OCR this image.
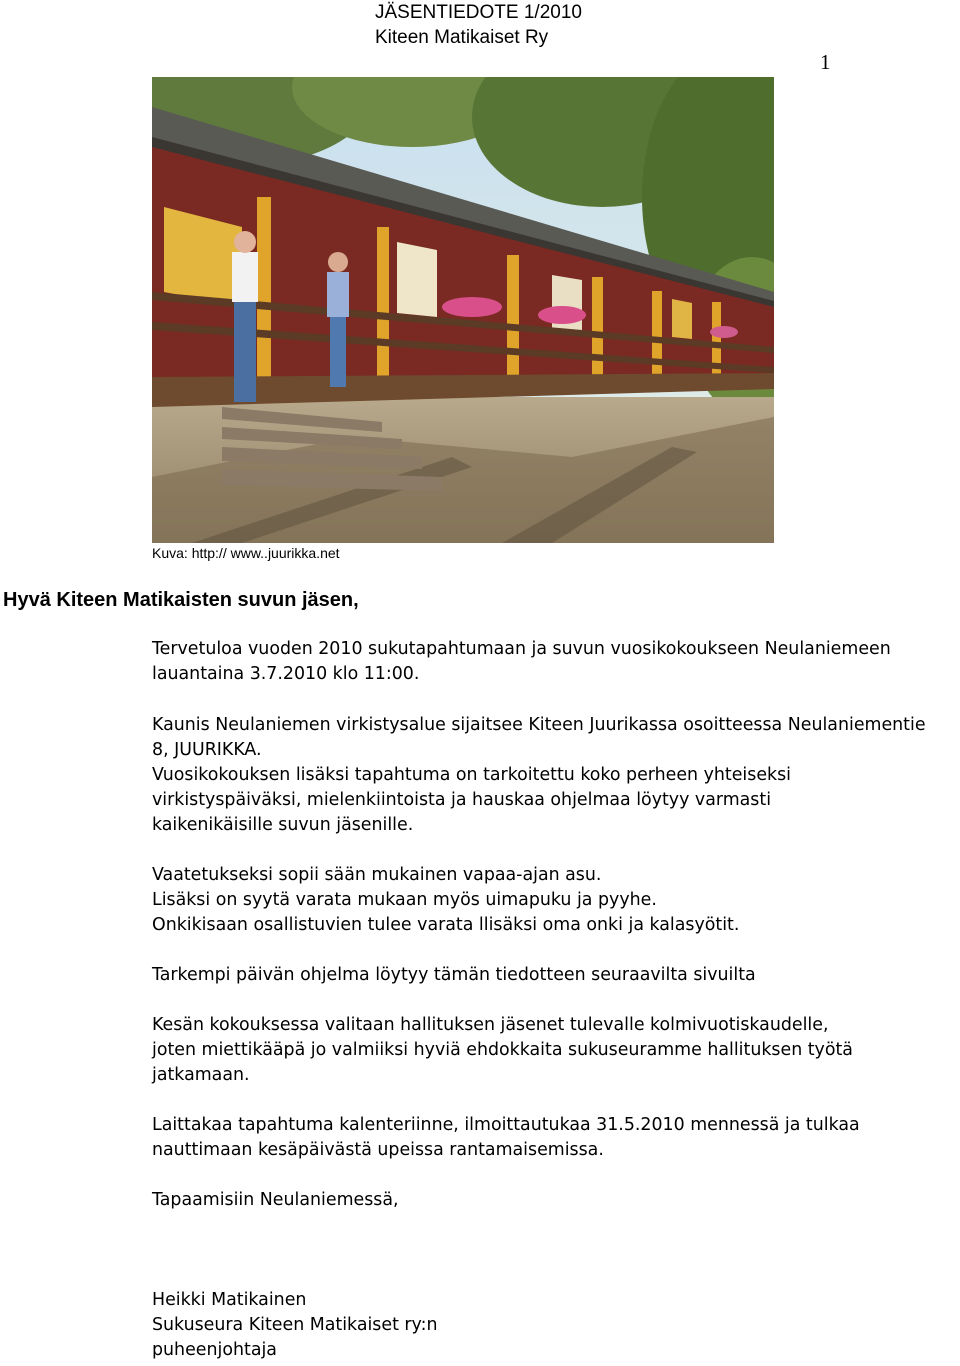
JÄSENTIEDOTE 1/2010
Kiteen Matikaiset Ry
1
Kuva: http:// www..juurikka.net
Hyvä Kiteen Matikaisten suvun jäsen,
Tervetuloa vuoden 2010 sukutapahtumaan ja suvun vuosikokoukseen Neulaniemeen
lauantaina 3.7.2010 klo 11:00.
Kaunis Neulaniemen virkistysalue sijaitsee Kiteen Juurikassa osoitteessa Neulaniementie
8, JUURIKKA.
Vuosikokouksen lisäksi tapahtuma on tarkoitettu koko perheen yhteiseksi
virkistyspäiväksi, mielenkiintoista ja hauskaa ohjelmaa löytyy varmasti
kaikenikäisille suvun jäsenille.
Vaatetukseksi sopii sään mukainen vapaa-ajan asu.
Lisäksi on syytä varata mukaan myös uimapuku ja pyyhe.
Onkikisaan osallistuvien tulee varata llisäksi oma onki ja kalasyötit.
Tarkempi päivän ohjelma löytyy tämän tiedotteen seuraavilta sivuilta
Kesän kokouksessa valitaan hallituksen jäsenet tulevalle kolmivuotiskaudelle,
joten miettikääpä jo valmiiksi hyviä ehdokkaita sukuseuramme hallituksen työtä
jatkamaan.
Laittakaa tapahtuma kalenteriinne, ilmoittautukaa 31.5.2010 mennessä ja tulkaa
nauttimaan kesäpäivästä upeissa rantamaisemissa.
Tapaamisiin Neulaniemessä,
Heikki Matikainen
Sukuseura Kiteen Matikaiset ry:n
puheenjohtaja
